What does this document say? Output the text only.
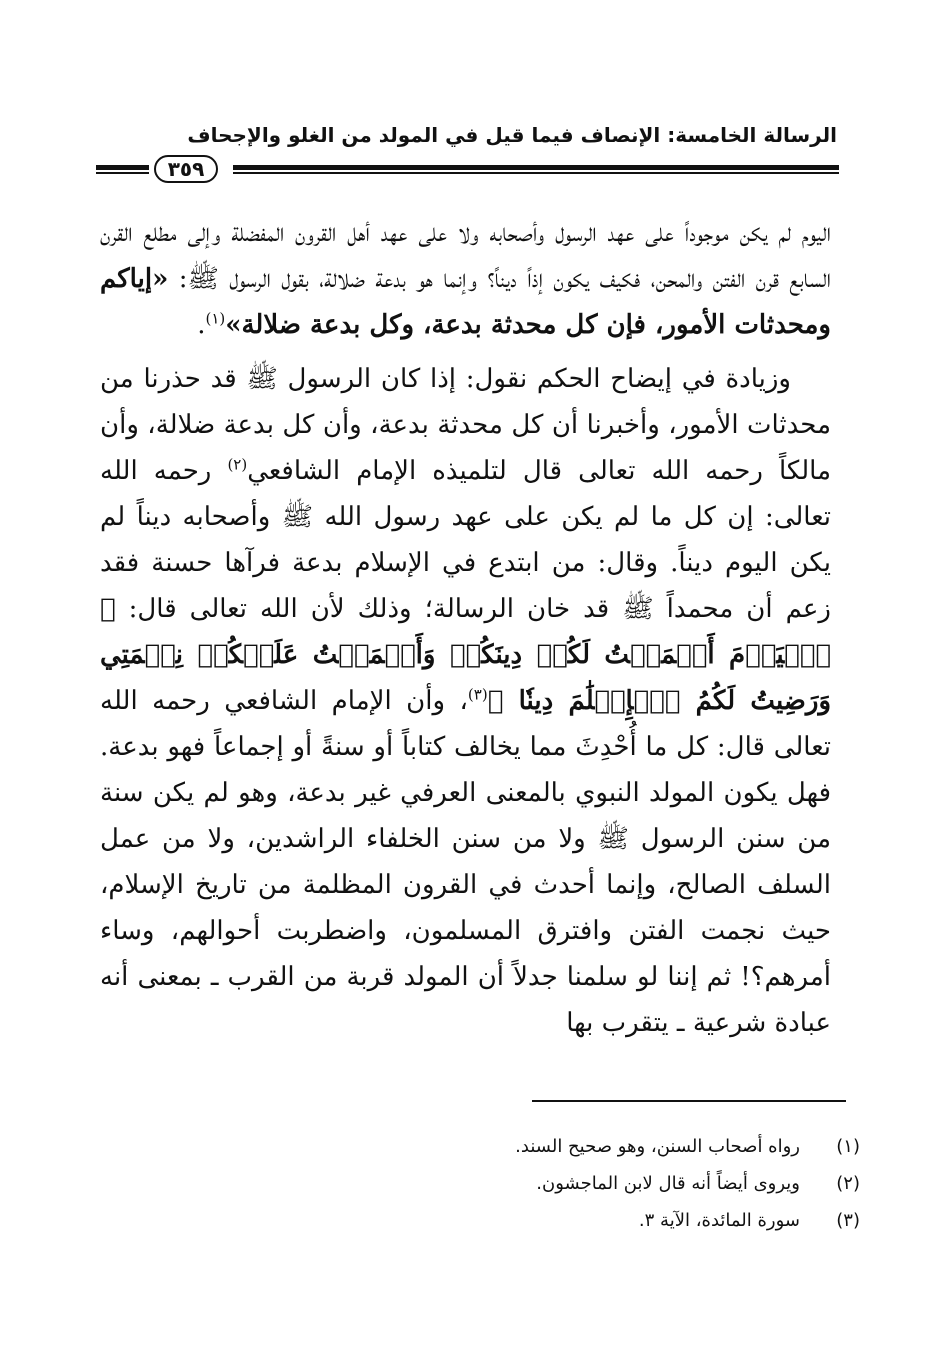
الرسالة الخامسة: الإنصاف فيما قيل في المولد من الغلو والإجحاف
٣٥٩

اليوم لم يكن موجوداً على عهد الرسول وأصحابه ولا على عهد أهل القرون المفضلة وإلى مطلع القرن السابع قرن الفتن والمحن، فكيف يكون إذاً ديناً؟ وإنما هو بدعة ضلالة، بقول الرسول ﷺ: «إياكم ومحدثات الأمور، فإن كل محدثة بدعة، وكل بدعة ضلالة»$^{(١)}$.

وزيادة في إيضاح الحكم نقول: إذا كان الرسول ﷺ قد حذرنا من محدثات الأمور، وأخبرنا أن كل محدثة بدعة، وأن كل بدعة ضلالة، وأن مالكاً رحمه الله تعالى قال لتلميذه الإمام الشافعي$^{(٢)}$ رحمه الله تعالى: إن كل ما لم يكن على عهد رسول الله ﷺ وأصحابه ديناً لم يكن اليوم ديناً. وقال: من ابتدع في الإسلام بدعة فرآها حسنة فقد زعم أن محمداً ﷺ قد خان الرسالة؛ وذلك لأن الله تعالى قال: ﴿ ٱلۡيَوۡمَ أَكۡمَلۡتُ لَكُمۡ دِينَكُمۡ وَأَتۡمَمۡتُ عَلَيۡكُمۡ نِعۡمَتِي وَرَضِيتُ لَكُمُ ٱلۡإِسۡلَٰمَ دِينٗا ﴾$^{(٣)}$، وأن الإمام الشافعي رحمه الله تعالى قال: كل ما أُحْدِثَ مما يخالف كتاباً أو سنةً أو إجماعاً فهو بدعة. فهل يكون المولد النبوي بالمعنى العرفي غير بدعة، وهو لم يكن سنة من سنن الرسول ﷺ ولا من سنن الخلفاء الراشدين، ولا من عمل السلف الصالح، وإنما أحدث في القرون المظلمة من تاريخ الإسلام، حيث نجمت الفتن وافترق المسلمون، واضطربت أحوالهم، وساء أمرهم؟! ثم إننا لو سلمنا جدلاً أن المولد قربة من القرب ـ بمعنى أنه عبادة شرعية ـ يتقرب بها

(١)
رواه أصحاب السنن، وهو صحيح السند.
(٢)
ويروى أيضاً أنه قال لابن الماجشون.
(٣)
سورة المائدة، الآية ٣.
